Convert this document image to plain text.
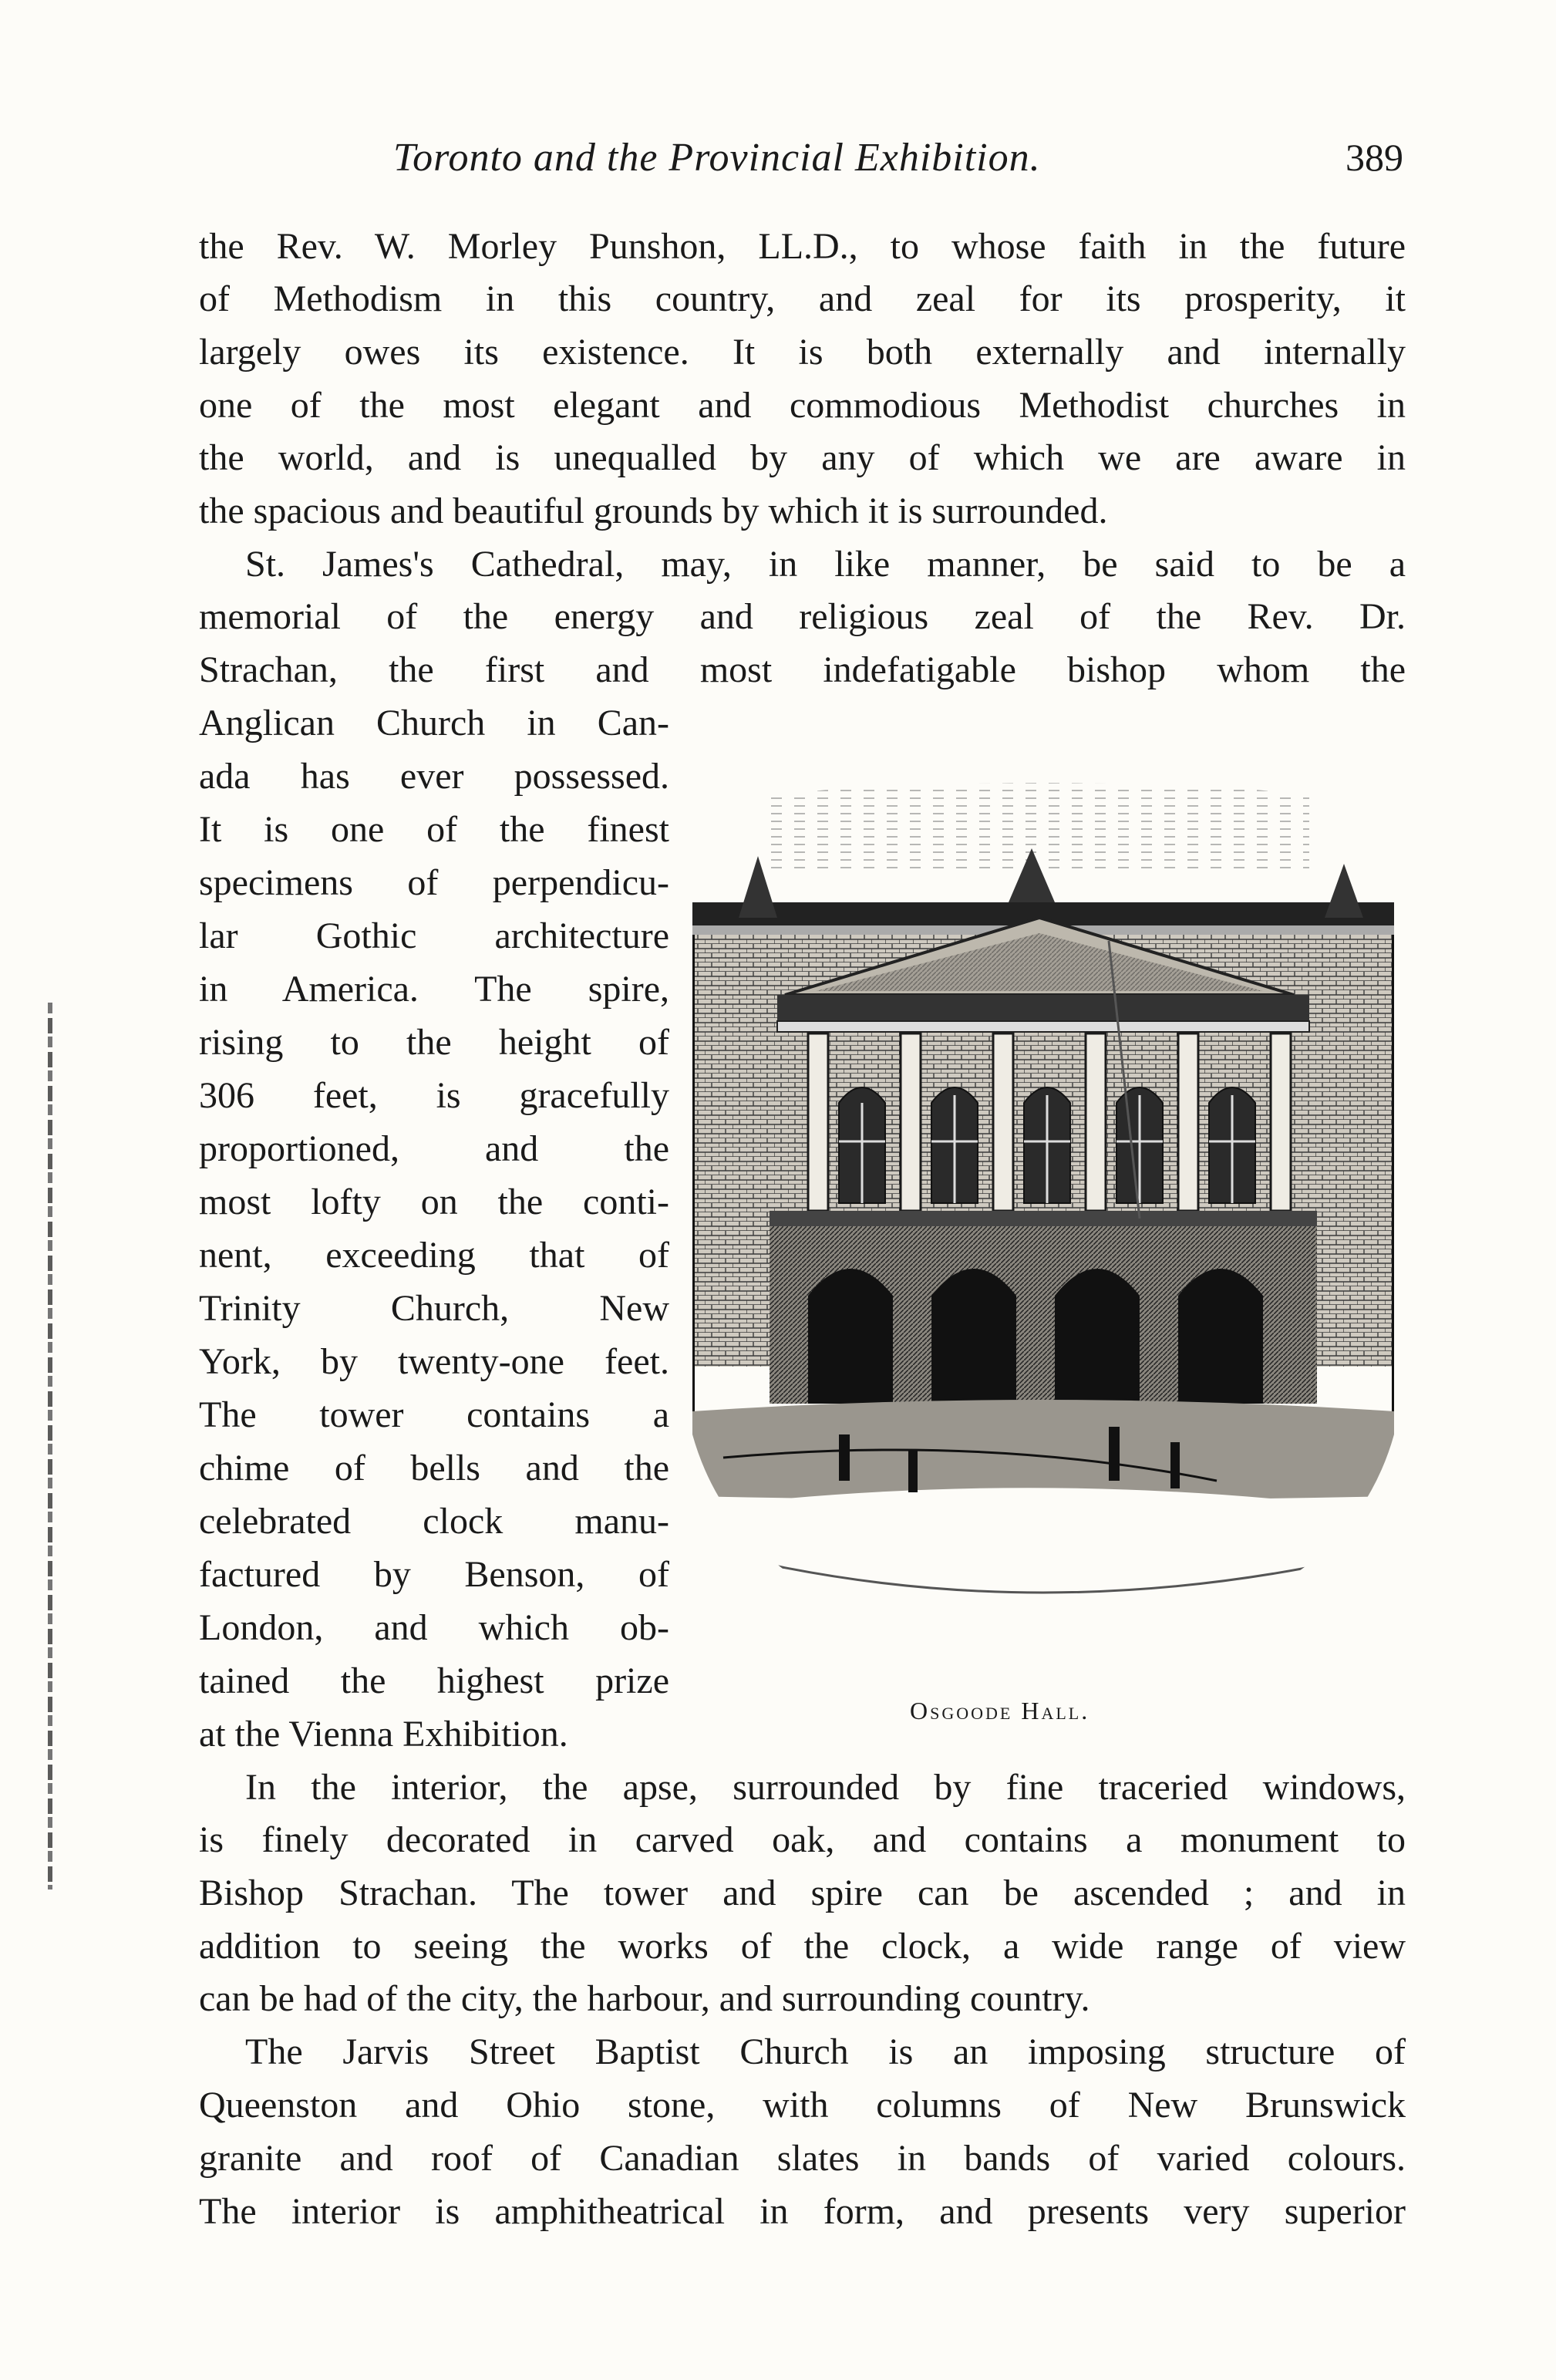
Toronto and the Provincial Exhibition.	389
the Rev. W. Morley Punshon, LL.D., to whose faith in the future
of Methodism in this country, and zeal for its prosperity, it
largely owes its existence. It is both externally and internally
one of the most elegant and commodious Methodist churches in
the world, and is unequalled by any of which we are aware in
the spacious and beautiful grounds by which it is surrounded.
St. James's Cathedral, may, in like manner, be said to be a
memorial of the energy and religious zeal of the Rev. Dr.
Strachan, the first and most indefatigable bishop whom the
Anglican Church in Can-
ada has ever possessed.
It is one of the finest
specimens of perpendicu-
lar Gothic architecture
in America. The spire,
rising to the height of
306 feet, is gracefully
proportioned, and the
most lofty on the conti-
nent, exceeding that of
Trinity Church, New
York, by twenty-one feet.
The tower contains a
chime of bells and the
celebrated clock manu-
factured by Benson, of
London, and which ob-
tained the highest prize
at the Vienna Exhibition.
In the interior, the apse, surrounded by fine traceried windows,
is finely decorated in carved oak, and contains a monument to
Bishop Strachan. The tower and spire can be ascended ; and in
addition to seeing the works of the clock, a wide range of view
can be had of the city, the harbour, and surrounding country.
The Jarvis Street Baptist Church is an imposing structure of
Queenston and Ohio stone, with columns of New Brunswick
granite and roof of Canadian slates in bands of varied colours.
The interior is amphitheatrical in form, and presents very superior
Osgoode Hall.
